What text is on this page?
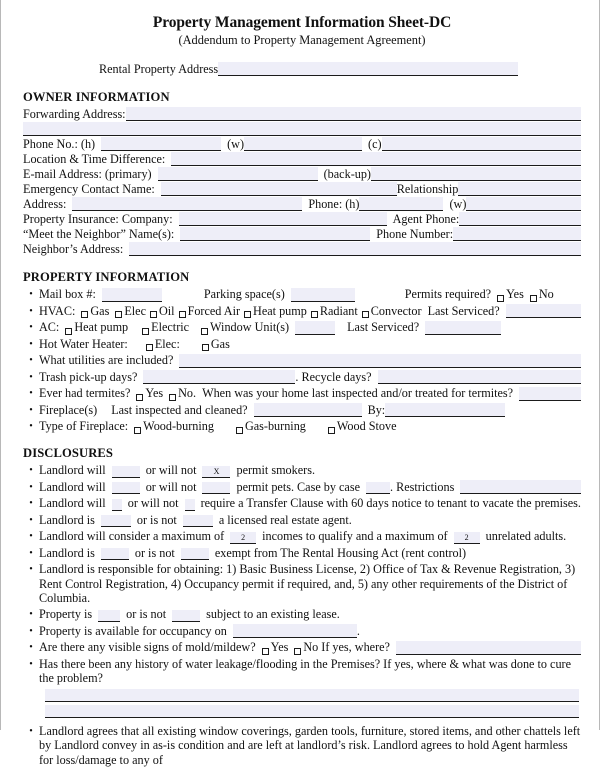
Property Management Information Sheet-DC
(Addendum to Property Management Agreement)
Rental Property Address
OWNER INFORMATION
Forwarding Address:
Phone No.: (h)	(w)	(c)
Location & Time Difference:
E-mail Address: (primary)	(back-up)
Emergency Contact Name:	Relationship
Address:	Phone: (h)	(w)
Property Insurance: Company:	Agent Phone:
“Meet the Neighbor” Name(s):	Phone Number:
Neighbor’s Address:
PROPERTY INFORMATION
• Mail box #:	Parking space(s)	Permits required? Yes No
• HVAC: Gas Elec Oil Forced Air Heat pump Radiant Convector Last Serviced?
• AC: Heat pump Electric Window Unit(s)	Last Serviced?
• Hot Water Heater: Elec:	Gas
• What utilities are included?
• Trash pick-up days?	. Recycle days?
• Ever had termites? Yes No. When was your home last inspected and/or treated for termites?
• Fireplace(s) Last inspected and cleaned?	By:
• Type of Fireplace: Wood-burning	Gas-burning	Wood Stove
DISCLOSURES
• Landlord will	or will not X permit smokers.
• Landlord will	or will not	permit pets. Case by case . Restrictions
• Landlord will or will not require a Transfer Clause with 60 days notice to tenant to vacate the premises.
• Landlord is	or is not	a licensed real estate agent.
• Landlord will consider a maximum of 2 incomes to qualify and a maximum of 2 unrelated adults.
• Landlord is	or is not	exempt from The Rental Housing Act (rent control)
• Landlord is responsible for obtaining: 1) Basic Business License, 2) Office of Tax & Revenue Registration, 3) Rent Control Registration, 4) Occupancy permit if required, and, 5) any other requirements of the District of Columbia.
• Property is	or is not	subject to an existing lease.
• Property is available for occupancy on	.
• Are there any visible signs of mold/mildew? Yes No If yes, where?
• Has there been any history of water leakage/flooding in the Premises? If yes, where & what was done to cure the problem?
• Landlord agrees that all existing window coverings, garden tools, furniture, stored items, and other chattels left by Landlord convey in as-is condition and are left at landlord’s risk. Landlord agrees to hold Agent harmless for loss/damage to any of
